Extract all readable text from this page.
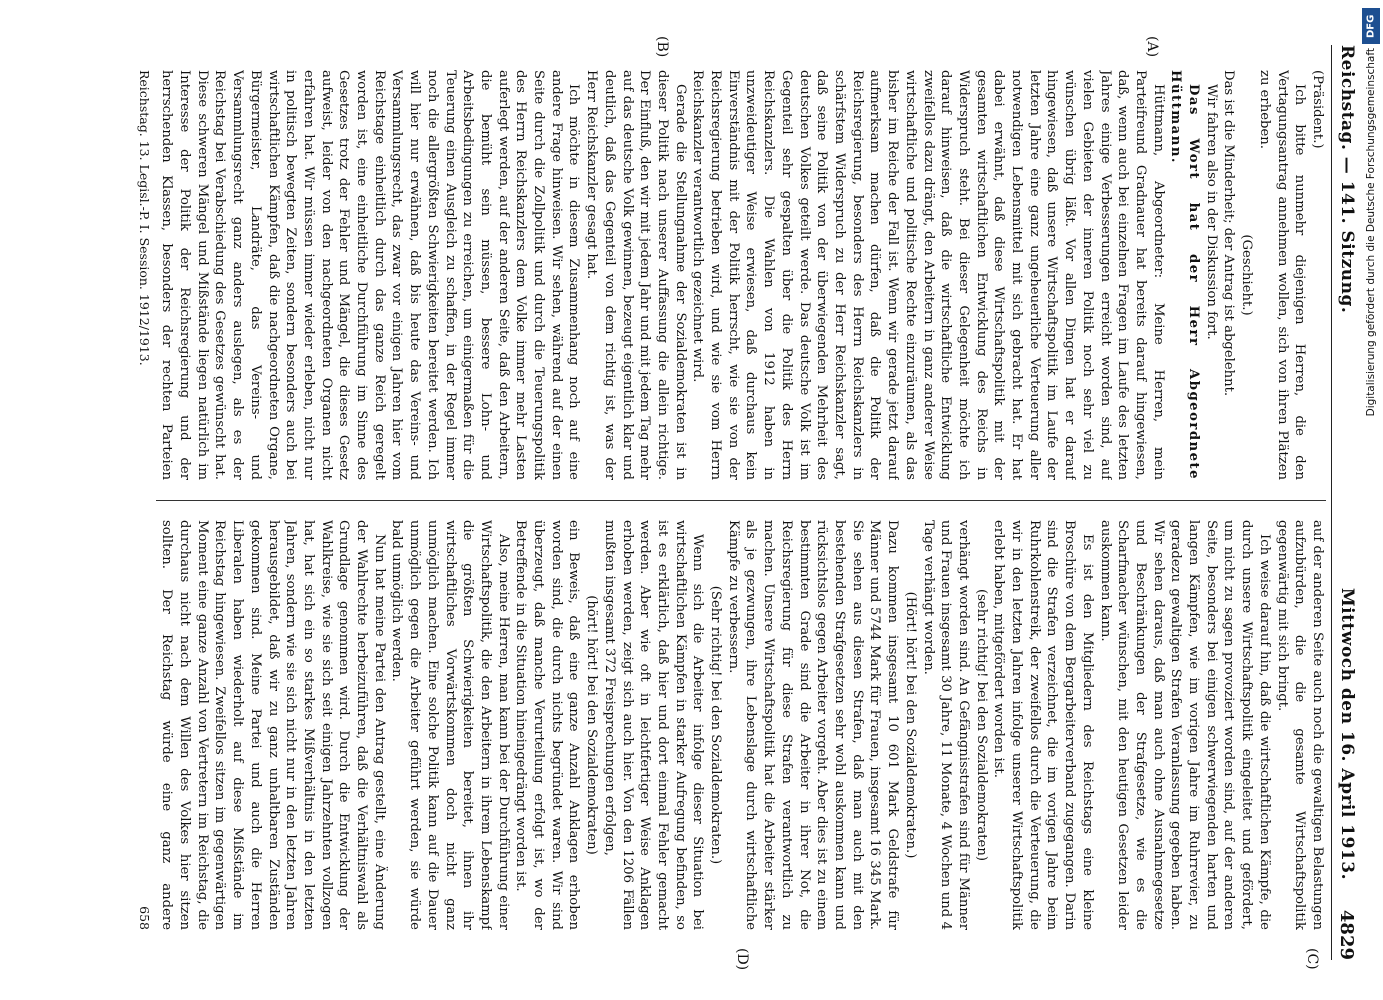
Reichstag. — 141. Sitzung.
Mittwoch den 16. April 1913.
4829
(A)
(B)
(C)
(D)

(Präsident.)

Ich bitte nunmehr diejenigen Herren, die den Vertagungsantrag annehmen wollen, sich von ihren Plätzen zu erheben.

(Geschieht.)

Das ist die Minderheit; der Antrag ist abgelehnt.

Wir fahren also in der Diskussion fort.

Das Wort hat der Herr Abgeordnete Hüttmann.

Hüttmann, Abgeordneter: Meine Herren, mein Parteifreund Gradnauer hat bereits darauf hingewiesen, daß, wenn auch bei einzelnen Fragen im Laufe des letzten Jahres einige Verbesserungen erreicht worden sind, auf vielen Gebieten der inneren Politik noch sehr viel zu wünschen übrig läßt. Vor allen Dingen hat er darauf hingewiesen, daß unsere Wirtschaftspolitik im Laufe der letzten Jahre eine ganz ungeheuerliche Verteuerung aller notwendigen Lebensmittel mit sich gebracht hat. Er hat dabei erwähnt, daß diese Wirtschaftspolitik mit der gesamten wirtschaftlichen Entwicklung des Reichs in Widerspruch steht. Bei dieser Gelegenheit möchte ich darauf hinweisen, daß die wirtschaftliche Entwicklung zweifellos dazu drängt, den Arbeitern in ganz anderer Weise wirtschaftliche und politische Rechte einzuräumen, als das bisher im Reiche der Fall ist. Wenn wir gerade jetzt darauf aufmerksam machen dürfen, daß die Politik der Reichsregierung, besonders des Herrn Reichskanzlers in schärfstem Widerspruch zu der Herr Reichskanzler sagt, daß seine Politik von der überwiegenden Mehrheit des deutschen Volkes geteilt werde. Das deutsche Volk ist im Gegenteil sehr gespalten über die Politik des Herrn Reichskanzlers. Die Wahlen von 1912 haben in unzweideutiger Weise erwiesen, daß durchaus kein Einverständnis mit der Politik herrscht, wie sie von der Reichsregierung betrieben wird, und wie sie vom Herrn Reichskanzler verantwortlich gezeichnet wird.

Gerade die Stellungnahme der Sozialdemokraten ist in dieser Politik nach unserer Auffassung die allein richtige. Der Einfluß, den wir mit jedem Jahr und mit jedem Tag mehr auf das deutsche Volk gewinnen, bezeugt eigentlich klar und deutlich, daß das Gegenteil von dem richtig ist, was der Herr Reichskanzler gesagt hat.

Ich möchte in diesem Zusammenhang noch auf eine andere Frage hinweisen. Wir sehen, während auf der einen Seite durch die Zollpolitik und durch die Teuerungspolitik des Herrn Reichskanzlers dem Volke immer mehr Lasten auferlegt werden, auf der anderen Seite, daß den Arbeitern, die bemüht sein müssen, bessere Lohn- und Arbeitsbedingungen zu erreichen, um einigermaßen für die Teuerung einen Ausgleich zu schaffen, in der Regel immer noch die allergrößten Schwierigkeiten bereitet werden. Ich will hier nur erwähnen, daß bis heute das Vereins- und Versammlungsrecht, das zwar vor einigen Jahren hier vom Reichstage einheitlich durch das ganze Reich geregelt worden ist, eine einheitliche Durchführung im Sinne des Gesetzes trotz der Fehler und Mängel, die dieses Gesetz aufweist, leider von den nachgeordneten Organen nicht erfahren hat. Wir müssen immer wieder erleben, nicht nur in politisch bewegten Zeiten, sondern besonders auch bei wirtschaftlichen Kämpfen, daß die nachgeordneten Organe, Bürgermeister, Landräte, das Vereins- und Versammlungsrecht ganz anders auslegen, als es der Reichstag bei Verabschiedung des Gesetzes gewünscht hat. Diese schweren Mängel und Mißstände liegen natürlich im Interesse der Politik der Reichsregierung und der herrschenden Klassen, besonders der rechten Parteien

auf der anderen Seite auch noch die gewaltigen Belastungen aufzubürden, die die gesamte Wirtschaftspolitik gegenwärtig mit sich bringt.

Ich weise darauf hin, daß die wirtschaftlichen Kämpfe, die durch unsere Wirtschaftspolitik eingeleitet und gefördert, um nicht zu sagen provoziert worden sind, auf der anderen Seite, besonders bei einigen schwerwiegenden harten und langen Kämpfen, wie im vorigen Jahre im Ruhrrevier, zu geradezu gewaltigen Strafen Veranlassung gegeben haben. Wir sehen daraus, daß man auch ohne Ausnahmegesetze und Beschränkungen der Strafgesetze, wie es die Scharfmacher wünschen, mit den heutigen Gesetzen leider auskommen kann.

Es ist den Mitgliedern des Reichstags eine kleine Broschüre von dem Bergarbeiterverband zugegangen. Darin sind die Strafen verzeichnet, die im vorigen Jahre beim Ruhrkohlenstreik, der zweifellos durch die Verteuerung, die wir in den letzten Jahren infolge unserer Wirtschaftspolitik erlebt haben, mitgefördert worden ist.

(sehr richtig! bei den Sozialdemokraten)

verhängt worden sind. An Gefängnisstrafen sind für Männer und Frauen insgesamt 30 Jahre, 11 Monate, 4 Wochen und 4 Tage verhängt worden.

(Hört! hört! bei den Sozialdemokraten.)

Dazu kommen insgesamt 10 601 Mark Geldstrafe für Männer und 5744 Mark für Frauen, insgesamt 16 345 Mark. Sie sehen aus diesen Strafen, daß man auch mit den bestehenden Strafgesetzen sehr wohl auskommen kann und rücksichtslos gegen Arbeiter vorgeht. Aber dies ist zu einem bestimmten Grade sind die Arbeiter in ihrer Not, die Reichsregierung für diese Strafen verantwortlich zu machen. Unsere Wirtschaftspolitik hat die Arbeiter stärker als je gezwungen, ihre Lebenslage durch wirtschaftliche Kämpfe zu verbessern.

(Sehr richtig! bei den Sozialdemokraten.)

Wenn sich die Arbeiter infolge dieser Situation bei wirtschaftlichen Kämpfen in starker Aufregung befinden, so ist es erklärlich, daß hier und dort einmal Fehler gemacht werden. Aber wie oft in leichtfertiger Weise Anklagen erhoben werden, zeigt sich auch hier. Von den 1206 Fällen mußten insgesamt 372 Freisprechungen erfolgen,

(hört! hört! bei den Sozialdemokraten)

ein Beweis, daß eine ganze Anzahl Anklagen erhoben worden sind, die durch nichts begründet waren. Wir sind überzeugt, daß manche Verurteilung erfolgt ist, wo der Betreffende in die Situation hineingedrängt worden ist.

Also, meine Herren, man kann bei der Durchführung einer Wirtschaftspolitik, die den Arbeitern in ihrem Lebenskampf die größten Schwierigkeiten bereitet, ihnen ihr wirtschaftliches Vorwärtskommen doch nicht ganz unmöglich machen. Eine solche Politik kann auf die Dauer unmöglich gegen die Arbeiter geführt werden, sie würde bald unmöglich werden.

Nun hat meine Partei den Antrag gestellt, eine Änderung der Wahlrechte herbeizuführen, daß die Verhältniswahl als Grundlage genommen wird. Durch die Entwicklung der Wahlkreise, wie sie sich seit einigen Jahrzehnten vollzogen hat, hat sich ein so starkes Mißverhältnis in den letzten Jahren, sondern wie sie sich nicht nur in den letzten Jahren herausgebildet, daß wir zu ganz unhaltbaren Zuständen gekommen sind. Meine Partei und auch die Herren Liberalen haben wiederholt auf diese Mißstände im Reichstag hingewiesen. Zweifellos sitzen im gegenwärtigen Moment eine ganze Anzahl von Vertretern im Reichstag, die durchaus nicht nach dem Willen des Volkes hier sitzen sollten. Der Reichstag würde eine ganz andere

Reichstag. 13. Legisl.-P. I. Session. 1912/1913.
658
DFG
Digitalisierung gefördert durch die Deutsche Forschungsgemeinschaft
